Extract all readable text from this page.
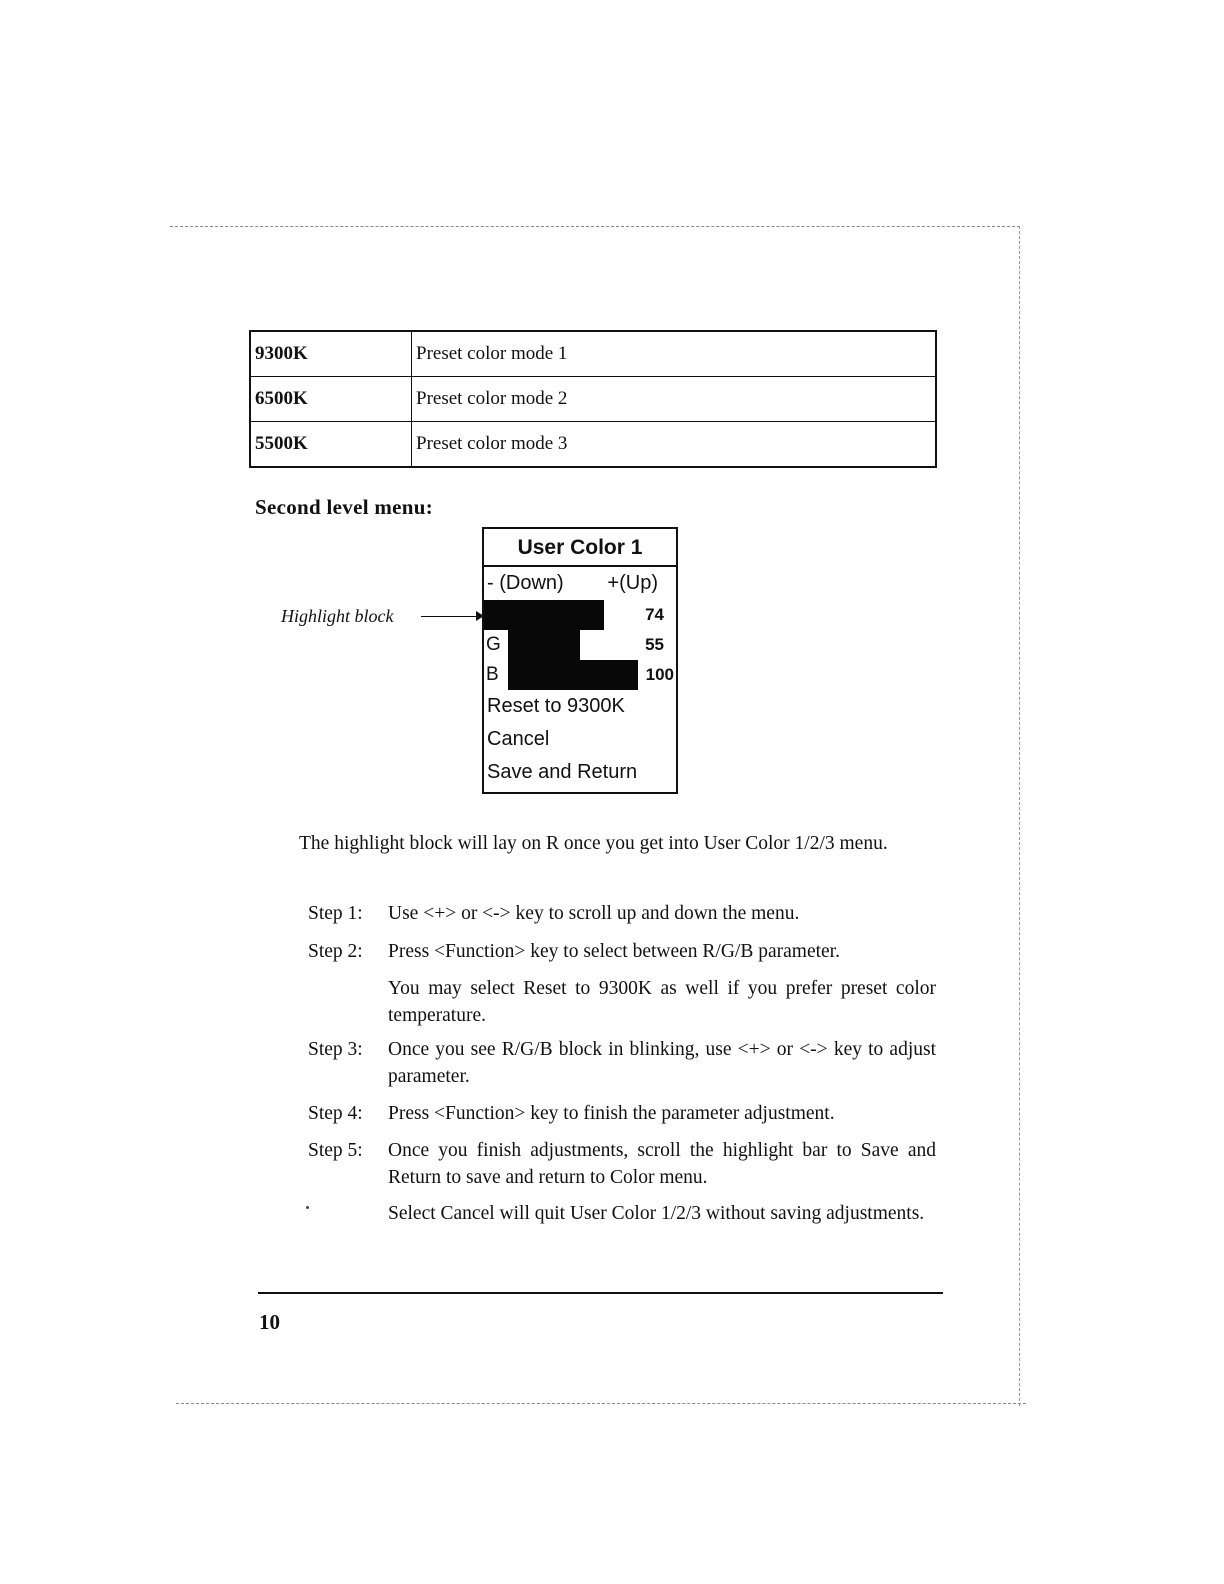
9300K	Preset color mode 1
6500K	Preset color mode 2
5500K	Preset color mode 3
Second level menu:
Highlight block
User Color 1
- (Down) +(Up)
74
G	55
B	100
Reset to 9300K
Cancel
Save and Return
The highlight block will lay on R once you get into User Color 1/2/3 menu.
Step 1:	Use <+> or <-> key to scroll up and down the menu.
Step 2:	Press <Function> key to select between R/G/B parameter.
You may select Reset to 9300K as well if you prefer preset color temperature.
Step 3:	Once you see R/G/B block in blinking, use <+> or <-> key to adjust parameter.
Step 4:	Press <Function> key to finish the parameter adjustment.
Step 5:	Once you finish adjustments, scroll the highlight bar to Save and Return to save and return to Color menu.
Select Cancel will quit User Color 1/2/3 without saving adjustments.
10
